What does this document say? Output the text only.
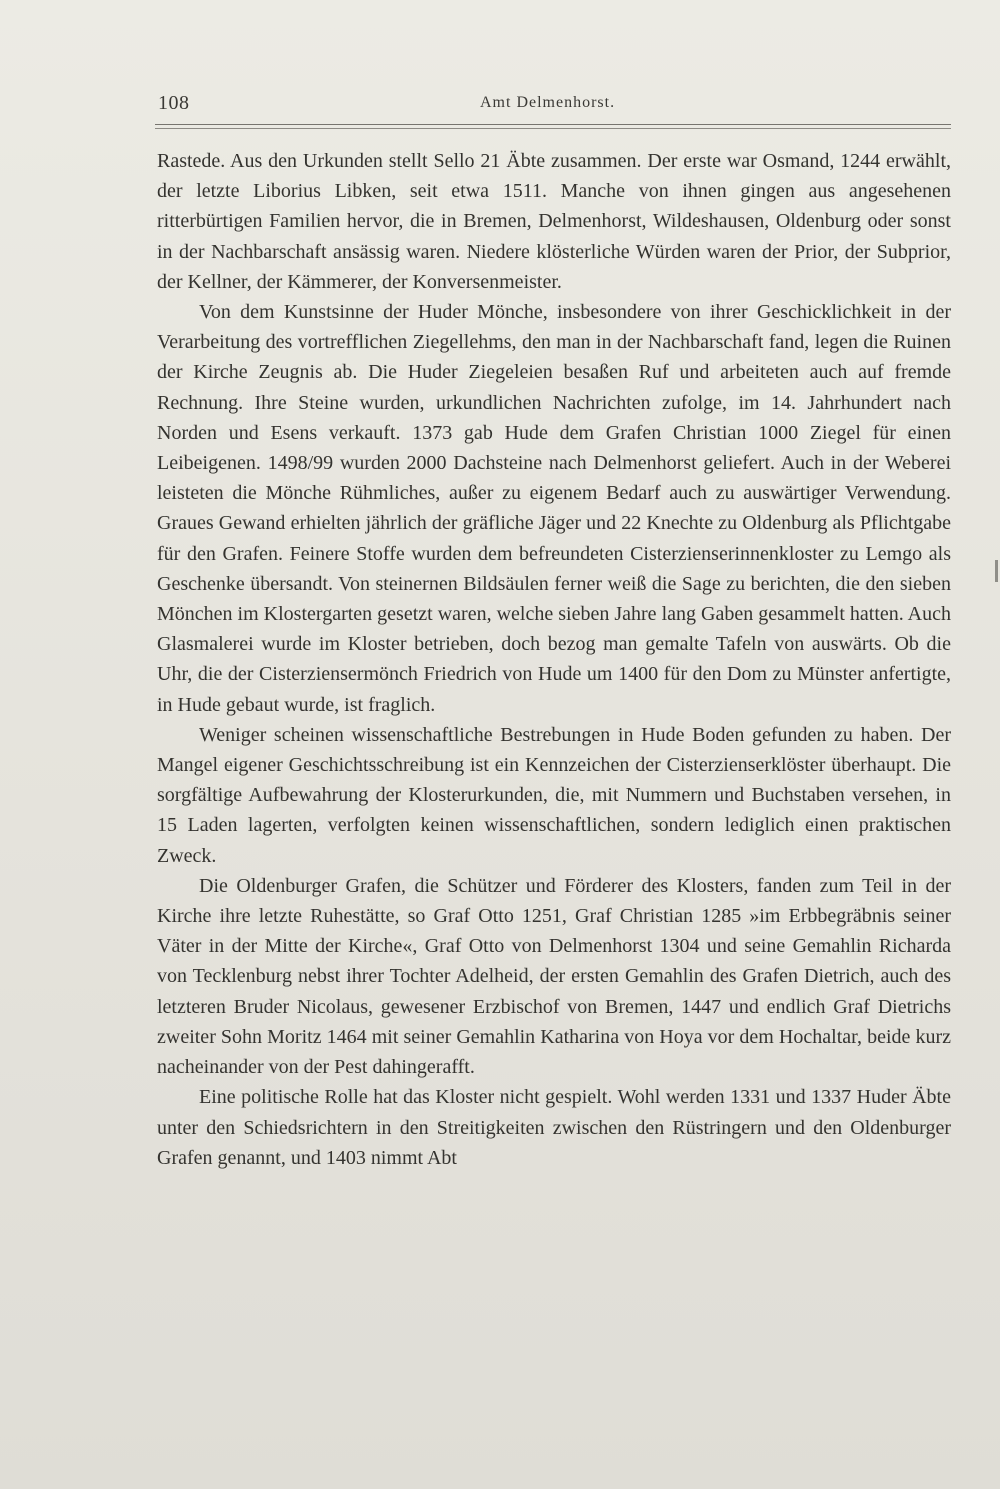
108	Amt Delmenhorst.

Rastede. Aus den Urkunden stellt Sello 21 Äbte zusammen. Der erste war Osmand, 1244 erwählt, der letzte Liborius Libken, seit etwa 1511. Manche von ihnen gingen aus angesehenen ritterbürtigen Familien hervor, die in Bremen, Delmenhorst, Wildeshausen, Oldenburg oder sonst in der Nachbarschaft ansässig waren. Niedere klösterliche Würden waren der Prior, der Subprior, der Kellner, der Kämmerer, der Konversenmeister.

Von dem Kunstsinne der Huder Mönche, insbesondere von ihrer Geschicklichkeit in der Verarbeitung des vortrefflichen Ziegellehms, den man in der Nachbarschaft fand, legen die Ruinen der Kirche Zeugnis ab. Die Huder Ziegeleien besaßen Ruf und arbeiteten auch auf fremde Rechnung. Ihre Steine wurden, urkundlichen Nachrichten zufolge, im 14. Jahrhundert nach Norden und Esens verkauft. 1373 gab Hude dem Grafen Christian 1000 Ziegel für einen Leibeigenen. 1498/99 wurden 2000 Dachsteine nach Delmenhorst geliefert. Auch in der Weberei leisteten die Mönche Rühmliches, außer zu eigenem Bedarf auch zu auswärtiger Verwendung. Graues Gewand erhielten jährlich der gräfliche Jäger und 22 Knechte zu Oldenburg als Pflichtgabe für den Grafen. Feinere Stoffe wurden dem befreundeten Cisterzienserinnenkloster zu Lemgo als Geschenke übersandt. Von steinernen Bildsäulen ferner weiß die Sage zu berichten, die den sieben Mönchen im Klostergarten gesetzt waren, welche sieben Jahre lang Gaben gesammelt hatten. Auch Glasmalerei wurde im Kloster betrieben, doch bezog man gemalte Tafeln von auswärts. Ob die Uhr, die der Cisterziensermönch Friedrich von Hude um 1400 für den Dom zu Münster anfertigte, in Hude gebaut wurde, ist fraglich.

Weniger scheinen wissenschaftliche Bestrebungen in Hude Boden gefunden zu haben. Der Mangel eigener Geschichtsschreibung ist ein Kennzeichen der Cisterzienserklöster überhaupt. Die sorgfältige Aufbewahrung der Klosterurkunden, die, mit Nummern und Buchstaben versehen, in 15 Laden lagerten, verfolgten keinen wissenschaftlichen, sondern lediglich einen praktischen Zweck.

Die Oldenburger Grafen, die Schützer und Förderer des Klosters, fanden zum Teil in der Kirche ihre letzte Ruhestätte, so Graf Otto 1251, Graf Christian 1285 »im Erbbegräbnis seiner Väter in der Mitte der Kirche«, Graf Otto von Delmenhorst 1304 und seine Gemahlin Richarda von Tecklenburg nebst ihrer Tochter Adelheid, der ersten Gemahlin des Grafen Dietrich, auch des letzteren Bruder Nicolaus, gewesener Erzbischof von Bremen, 1447 und endlich Graf Dietrichs zweiter Sohn Moritz 1464 mit seiner Gemahlin Katharina von Hoya vor dem Hochaltar, beide kurz nacheinander von der Pest dahingerafft.

Eine politische Rolle hat das Kloster nicht gespielt. Wohl werden 1331 und 1337 Huder Äbte unter den Schiedsrichtern in den Streitigkeiten zwischen den Rüstringern und den Oldenburger Grafen genannt, und 1403 nimmt Abt
